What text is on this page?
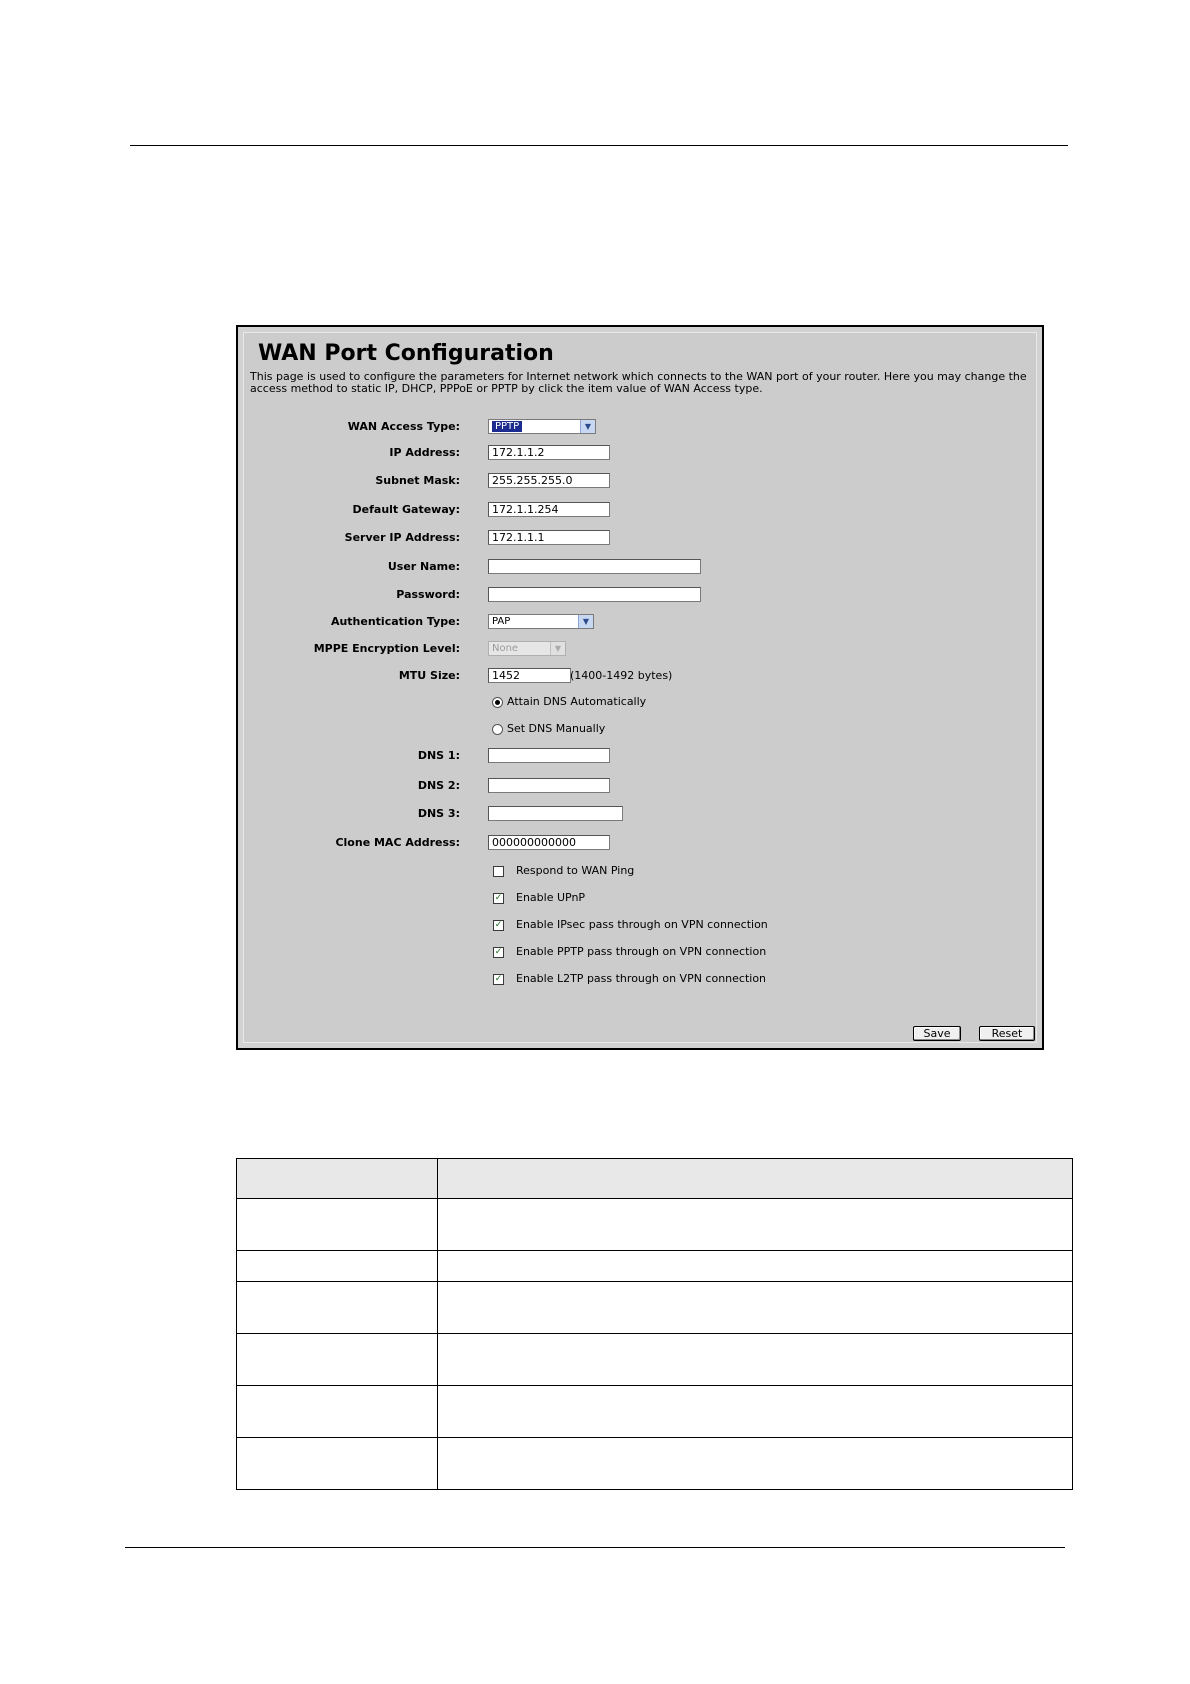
WAN Port Configuration
This page is used to configure the parameters for Internet network which connects to the WAN port of your router. Here you may change the access method to static IP, DHCP, PPPoE or PPTP by click the item value of WAN Access type.
WAN Access Type:	PPTP	▼
IP Address:	172.1.1.2
Subnet Mask:	255.255.255.0
Default Gateway:	172.1.1.254
Server IP Address:	172.1.1.1
User Name:
Password:
Authentication Type:	PAP	▼
MPPE Encryption Level:	None	▼
MTU Size:	1452	(1400-1492 bytes)
Attain DNS Automatically
Set DNS Manually
DNS 1:
DNS 2:
DNS 3:
Clone MAC Address:	000000000000
Respond to WAN Ping
✓ Enable UPnP
✓ Enable IPsec pass through on VPN connection
✓ Enable PPTP pass through on VPN connection
✓ Enable L2TP pass through on VPN connection
Save	Reset
